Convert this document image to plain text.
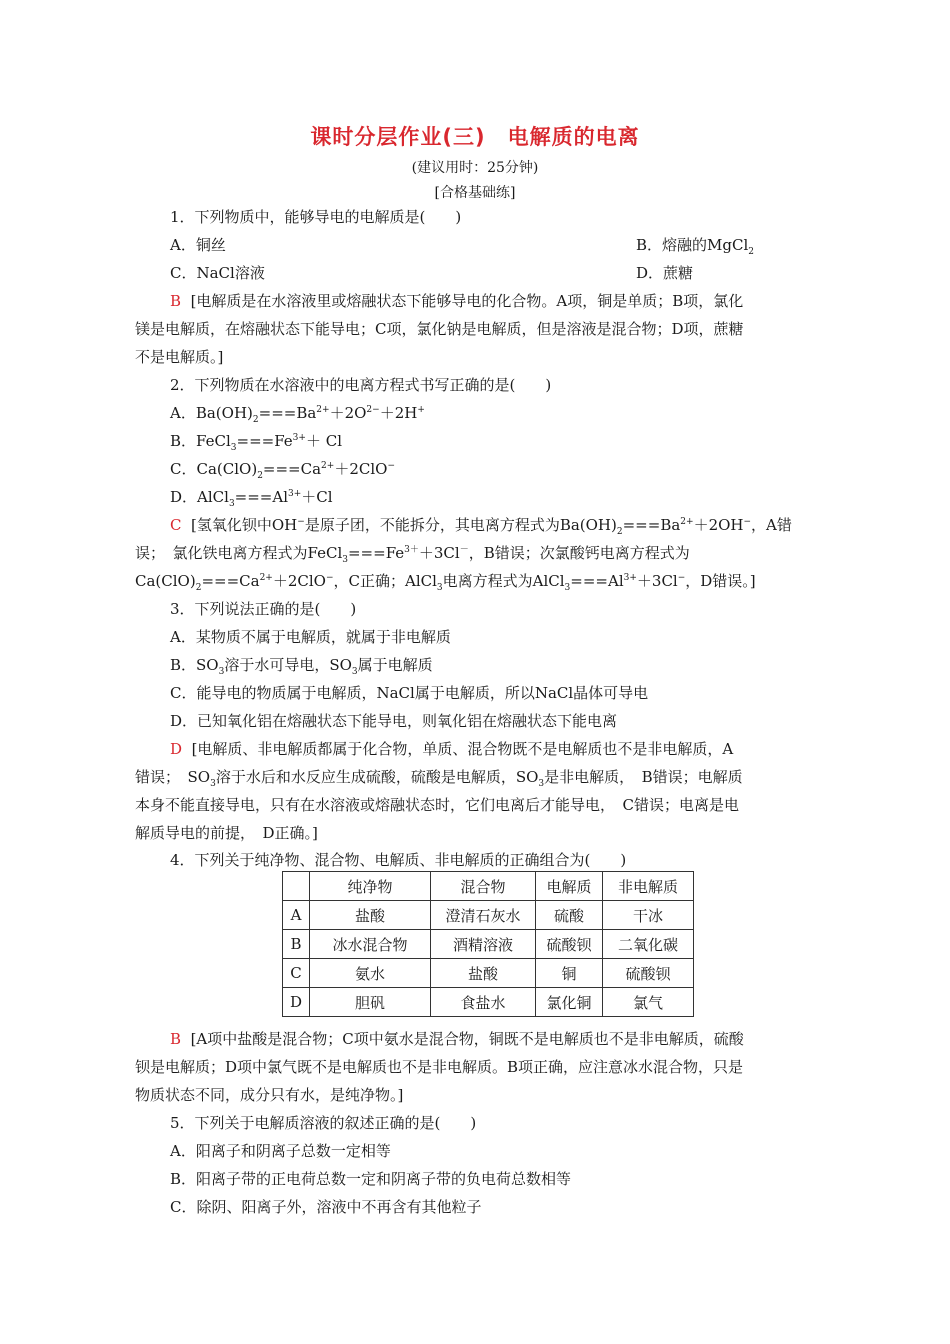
课时分层作业(三)　电解质的电离
(建议用时：25分钟)
[合格基础练]
1．下列物质中，能够导电的电解质是(　　)
A．铜丝	B．熔融的MgCl$_2$
C．NaCl溶液	D．蔗糖
B [电解质是在水溶液里或熔融状态下能够导电的化合物。A项，铜是单质；B项，氯化
镁是电解质，在熔融状态下能导电；C项，氯化钠是电解质，但是溶液是混合物；D项，蔗糖
不是电解质。]
2．下列物质在水溶液中的电离方程式书写正确的是(　　)
A．$Ba(OH)_2===Ba^{2+}+2O^{2-}+2H^+$
B．$FeCl_3===Fe^{3+}+ Cl$
C．$Ca(ClO)_2===Ca^{2+}+2ClO^-$
D．$AlCl_3===Al^{3+}+Cl$
C [氢氧化钡中OH−是原子团，不能拆分，其电离方程式为$Ba(OH)_2===Ba^{2+}+2OH^-$，A错
误；　氯化铁电离方程式为$FeCl_3===Fe^{3+}+3Cl^-$，B错误；次氯酸钙电离方程式为
$Ca(ClO)_2===Ca^{2+}+2ClO^-$，C正确；AlCl$_3$电离方程式为$AlCl_3===Al^{3+}+3Cl^-$，D错误。]
3．下列说法正确的是(　　)
A．某物质不属于电解质，就属于非电解质
B．$SO_3$溶于水可导电，$SO_3$属于电解质
C．能导电的物质属于电解质，NaCl属于电解质，所以NaCl晶体可导电
D．已知氧化铝在熔融状态下能导电，则氧化铝在熔融状态下能电离
D [电解质、非电解质都属于化合物，单质、混合物既不是电解质也不是非电解质，A
错误；　$SO_3$溶于水后和水反应生成硫酸，硫酸是电解质，$SO_3$是非电解质，　B错误；电解质
本身不能直接导电，只有在水溶液或熔融状态时，它们电离后才能导电，　C错误；电离是电
解质导电的前提，　D正确。]
4．下列关于纯净物、混合物、电解质、非电解质的正确组合为(　　)
	纯净物	混合物	电解质	非电解质
A	盐酸	澄清石灰水	硫酸	干冰
B	冰水混合物	酒精溶液	硫酸钡	二氧化碳
C	氨水	盐酸	铜	硫酸钡
D	胆矾	食盐水	氯化铜	氯气
B [A项中盐酸是混合物；C项中氨水是混合物，铜既不是电解质也不是非电解质，硫酸
钡是电解质；D项中氯气既不是电解质也不是非电解质。B项正确，应注意冰水混合物，只是
物质状态不同，成分只有水，是纯净物。]
5．下列关于电解质溶液的叙述正确的是(　　)
A．阳离子和阴离子总数一定相等
B．阳离子带的正电荷总数一定和阴离子带的负电荷总数相等
C．除阴、阳离子外，溶液中不再含有其他粒子
